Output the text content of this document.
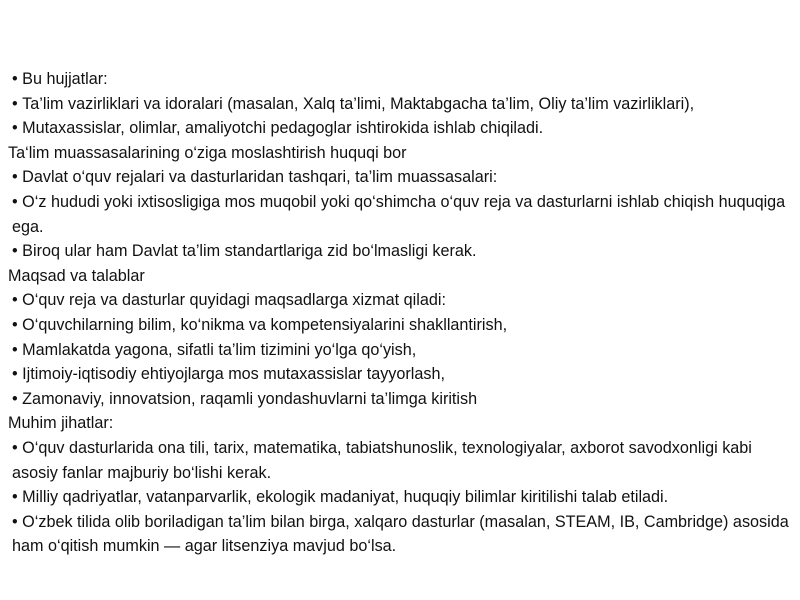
• Bu hujjatlar:

• Ta’lim vazirliklari va idoralari (masalan, Xalq ta’limi, Maktabgacha ta’lim, Oliy ta’lim vazirliklari),

• Mutaxassislar, olimlar, amaliyotchi pedagoglar ishtirokida ishlab chiqiladi.

Ta‘lim muassasalarining o‘ziga moslashtirish huquqi bor

• Davlat o‘quv rejalari va dasturlaridan tashqari, ta’lim muassasalari:

• O‘z hududi yoki ixtisosligiga mos muqobil yoki qo‘shimcha o‘quv reja va dasturlarni ishlab chiqish huquqiga ega.

• Biroq ular ham Davlat ta’lim standartlariga zid bo‘lmasligi kerak.

Maqsad va talablar

• O‘quv reja va dasturlar quyidagi maqsadlarga xizmat qiladi:

• O‘quvchilarning bilim, ko‘nikma va kompetensiyalarini shakllantirish,

• Mamlakatda yagona, sifatli ta’lim tizimini yo‘lga qo‘yish,

• Ijtimoiy-iqtisodiy ehtiyojlarga mos mutaxassislar tayyorlash,

• Zamonaviy, innovatsion, raqamli yondashuvlarni ta’limga kiritish

Muhim jihatlar:

• O‘quv dasturlarida ona tili, tarix, matematika, tabiatshunoslik, texnologiyalar, axborot savodxonligi kabi asosiy fanlar majburiy bo‘lishi kerak.

• Milliy qadriyatlar, vatanparvarlik, ekologik madaniyat, huquqiy bilimlar kiritilishi talab etiladi.

• O‘zbek tilida olib boriladigan ta’lim bilan birga, xalqaro dasturlar (masalan, STEAM, IB, Cambridge) asosida ham o‘qitish mumkin — agar litsenziya mavjud bo‘lsa.
